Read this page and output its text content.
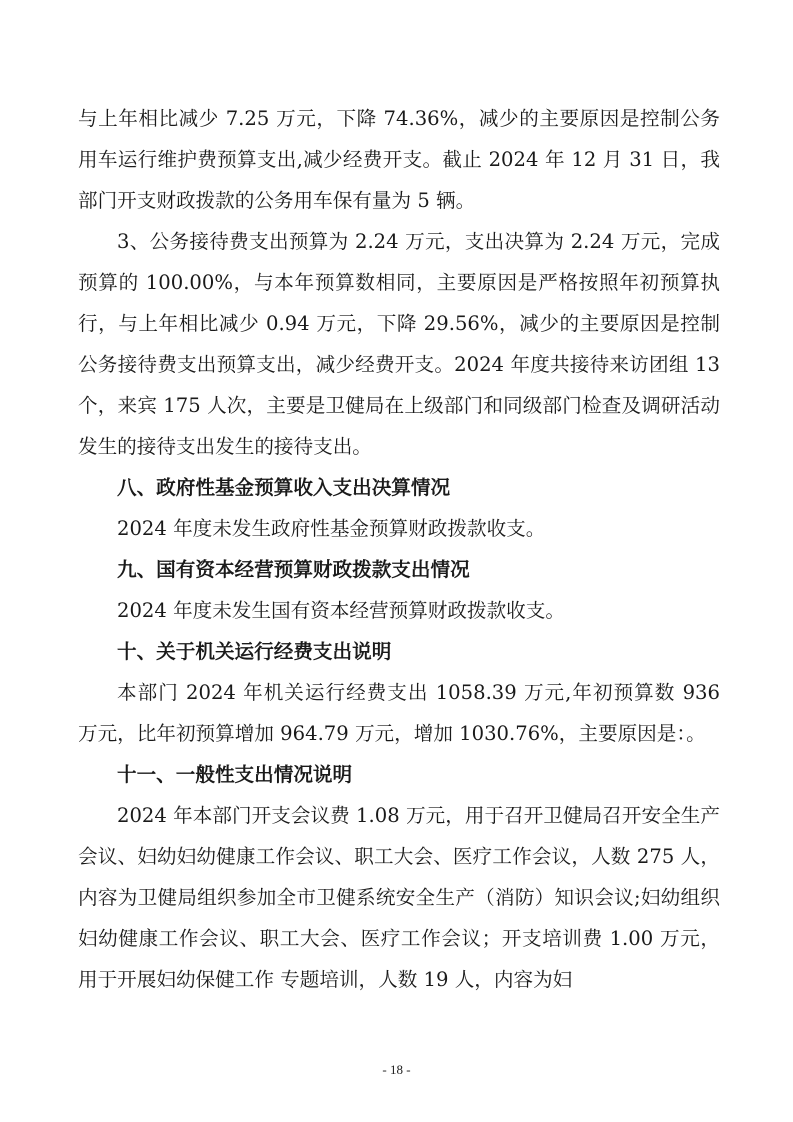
与上年相比减少 7.25 万元，下降 74.36%，减少的主要原因是控制公务用车运行维护费预算支出,减少经费开支。截止 2024 年 12 月 31 日，我部门开支财政拨款的公务用车保有量为 5 辆。

3、公务接待费支出预算为 2.24 万元，支出决算为 2.24 万元，完成预算的 100.00%，与本年预算数相同，主要原因是严格按照年初预算执行，与上年相比减少 0.94 万元，下降 29.56%，减少的主要原因是控制公务接待费支出预算支出，减少经费开支。2024 年度共接待来访团组 13 个，来宾 175 人次，主要是卫健局在上级部门和同级部门检查及调研活动发生的接待支出发生的接待支出。

八、政府性基金预算收入支出决算情况

2024 年度未发生政府性基金预算财政拨款收支。

九、国有资本经营预算财政拨款支出情况

2024 年度未发生国有资本经营预算财政拨款收支。

十、关于机关运行经费支出说明

本部门 2024 年机关运行经费支出 1058.39 万元,年初预算数 936 万元，比年初预算增加 964.79 万元，增加 1030.76%，主要原因是：。

十一、一般性支出情况说明

2024 年本部门开支会议费 1.08 万元，用于召开卫健局召开安全生产会议、妇幼妇幼健康工作会议、职工大会、医疗工作会议，人数 275 人，内容为卫健局组织参加全市卫健系统安全生产（消防）知识会议;妇幼组织妇幼健康工作会议、职工大会、医疗工作会议；开支培训费 1.00 万元，用于开展妇幼保健工作 专题培训，人数 19 人，内容为妇

- 18 -
